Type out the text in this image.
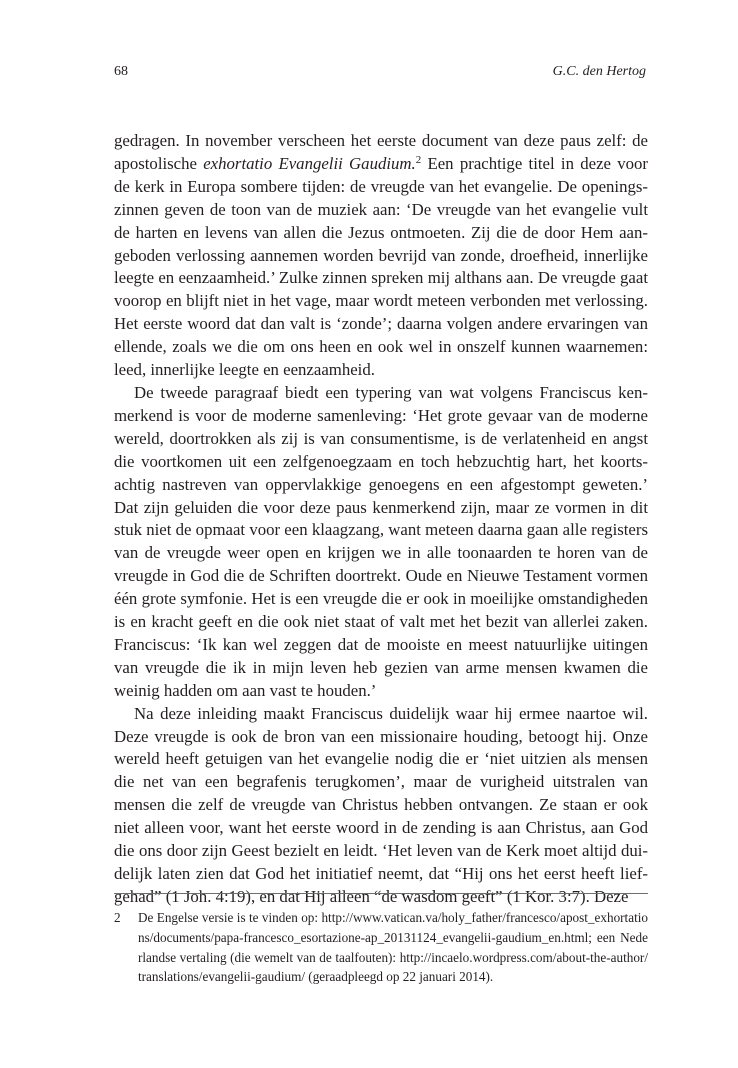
68	G.C. den Hertog

gedragen. In november verscheen het eerste document van deze paus zelf: de apostolische exhortatio Evangelii Gaudium.$^2$ Een prachtige titel in deze voor de kerk in Europa sombere tijden: de vreugde van het evangelie. De openingszinnen geven de toon van de muziek aan: ‘De vreugde van het evangelie vult de harten en levens van allen die Jezus ontmoeten. Zij die de door Hem aangeboden verlossing aannemen worden bevrijd van zonde, droefheid, innerlijke leegte en eenzaamheid.’ Zulke zinnen spreken mij althans aan. De vreugde gaat voorop en blijft niet in het vage, maar wordt meteen verbonden met verlossing. Het eerste woord dat dan valt is ‘zonde’; daarna volgen andere ervaringen van ellende, zoals we die om ons heen en ook wel in onszelf kunnen waarnemen: leed, innerlijke leegte en eenzaamheid.

De tweede paragraaf biedt een typering van wat volgens Franciscus kenmerkend is voor de moderne samenleving: ‘Het grote gevaar van de moderne wereld, doortrokken als zij is van consumentisme, is de verlatenheid en angst die voortkomen uit een zelfgenoegzaam en toch hebzuchtig hart, het koortsachtig nastreven van oppervlakkige genoegens en een afgestompt geweten.’ Dat zijn geluiden die voor deze paus kenmerkend zijn, maar ze vormen in dit stuk niet de opmaat voor een klaagzang, want meteen daarna gaan alle registers van de vreugde weer open en krijgen we in alle toonaarden te horen van de vreugde in God die de Schriften doortrekt. Oude en Nieuwe Testament vormen één grote symfonie. Het is een vreugde die er ook in moeilijke omstandigheden is en kracht geeft en die ook niet staat of valt met het bezit van allerlei zaken. Franciscus: ‘Ik kan wel zeggen dat de mooiste en meest natuurlijke uitingen van vreugde die ik in mijn leven heb gezien van arme mensen kwamen die weinig hadden om aan vast te houden.’

Na deze inleiding maakt Franciscus duidelijk waar hij ermee naartoe wil. Deze vreugde is ook de bron van een missionaire houding, betoogt hij. Onze wereld heeft getuigen van het evangelie nodig die er ‘niet uitzien als mensen die net van een begrafenis terugkomen’, maar de vurigheid uitstralen van mensen die zelf de vreugde van Christus hebben ontvangen. Ze staan er ook niet alleen voor, want het eerste woord in de zending is aan Christus, aan God die ons door zijn Geest bezielt en leidt. ‘Het leven van de Kerk moet altijd duidelijk laten zien dat God het initiatief neemt, dat “Hij ons het eerst heeft liefgehad” (1 Joh. 4:19), en dat Hij alleen “de wasdom geeft” (1 Kor. 3:7). Deze

2 De Engelse versie is te vinden op: http://www.vatican.va/holy_father/francesco/apost_exhortations/documents/papa-francesco_esortazione-ap_20131124_evangelii-gaudium_en.html; een Nederlandse vertaling (die wemelt van de taalfouten): http://incaelo.wordpress.com/about-the-author/translations/evangelii-gaudium/ (geraadpleegd op 22 januari 2014).
